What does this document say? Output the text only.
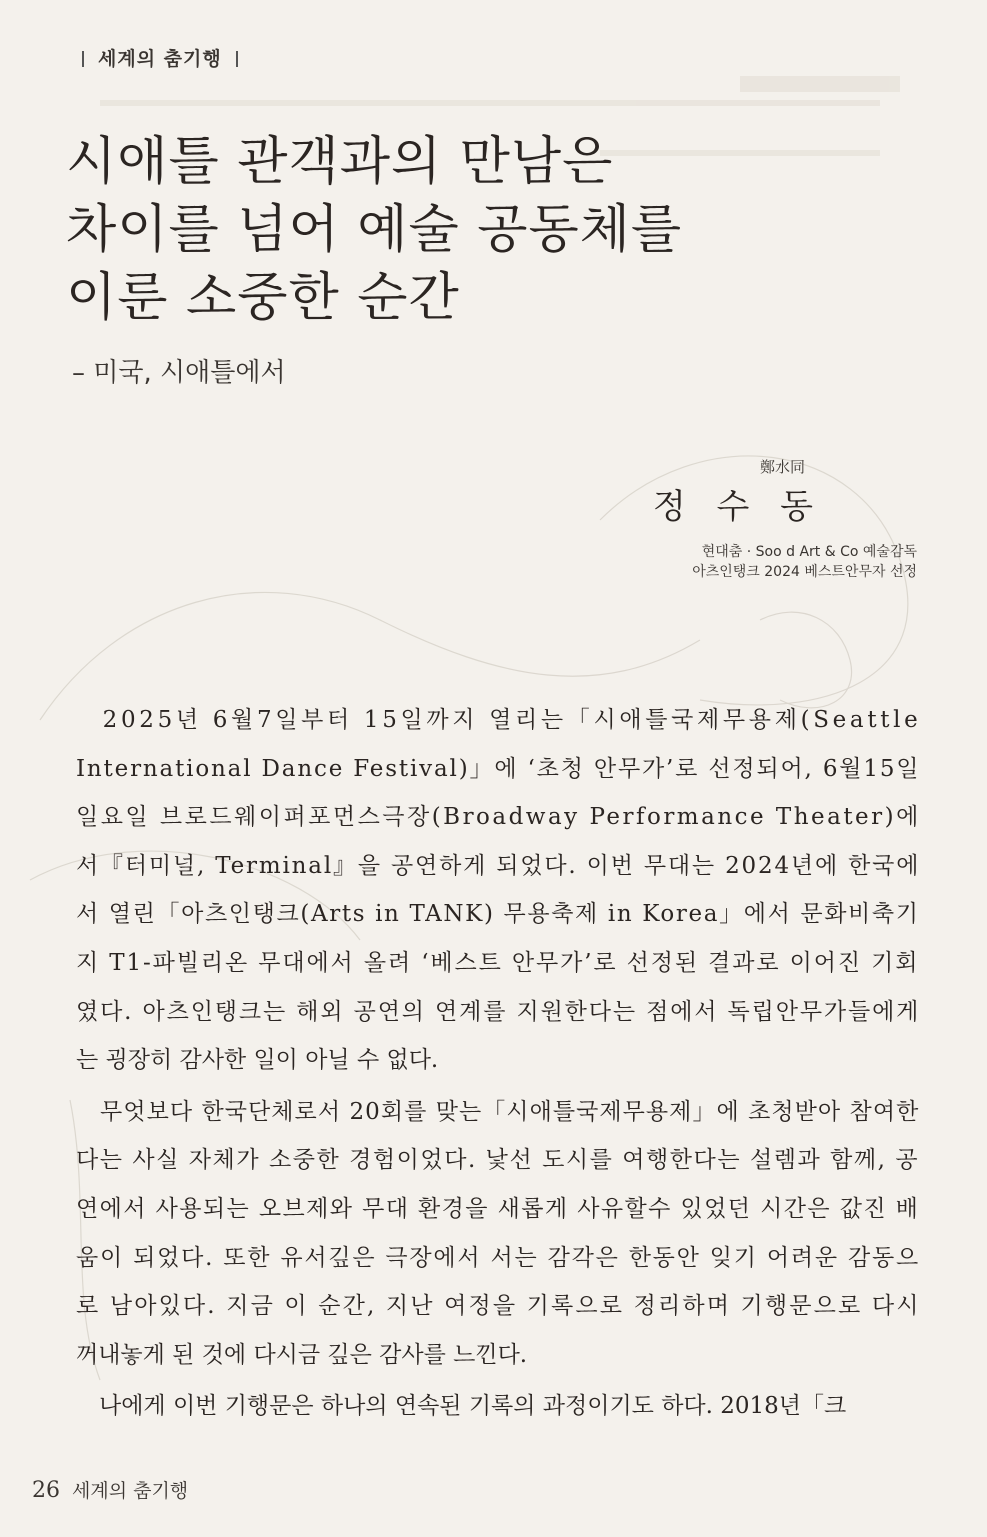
세계의 춤기행
시애틀 관객과의 만남은
차이를 넘어 예술 공동체를
이룬 소중한 순간
– 미국, 시애틀에서
鄭水同
정 수 동
현대춤 · Soo d Art & Co 예술감독
아츠인탱크 2024 베스트안무자 선정
　2025년 6월7일부터 15일까지 열리는「시애틀국제무용제(Seattle
International Dance Festival)」에 ‘초청 안무가’로 선정되어, 6월15일
일요일 브로드웨이퍼포먼스극장(Broadway Performance Theater)에
서『터미널, Terminal』을 공연하게 되었다. 이번 무대는 2024년에 한국에
서 열린「아츠인탱크(Arts in TANK) 무용축제 in Korea」에서 문화비축기
지 T1-파빌리온 무대에서 올려 ‘베스트 안무가’로 선정된 결과로 이어진 기회
였다. 아츠인탱크는 해외 공연의 연계를 지원한다는 점에서 독립안무가들에게
는 굉장히 감사한 일이 아닐 수 없다.
　무엇보다 한국단체로서 20회를 맞는「시애틀국제무용제」에 초청받아 참여한
다는 사실 자체가 소중한 경험이었다. 낯선 도시를 여행한다는 설렘과 함께, 공
연에서 사용되는 오브제와 무대 환경을 새롭게 사유할수 있었던 시간은 값진 배
움이 되었다. 또한 유서깊은 극장에서 서는 감각은 한동안 잊기 어려운 감동으
로 남아있다. 지금 이 순간, 지난 여정을 기록으로 정리하며 기행문으로 다시
꺼내놓게 된 것에 다시금 깊은 감사를 느낀다.
　나에게 이번 기행문은 하나의 연속된 기록의 과정이기도 하다. 2018년「크
26 세계의 춤기행
